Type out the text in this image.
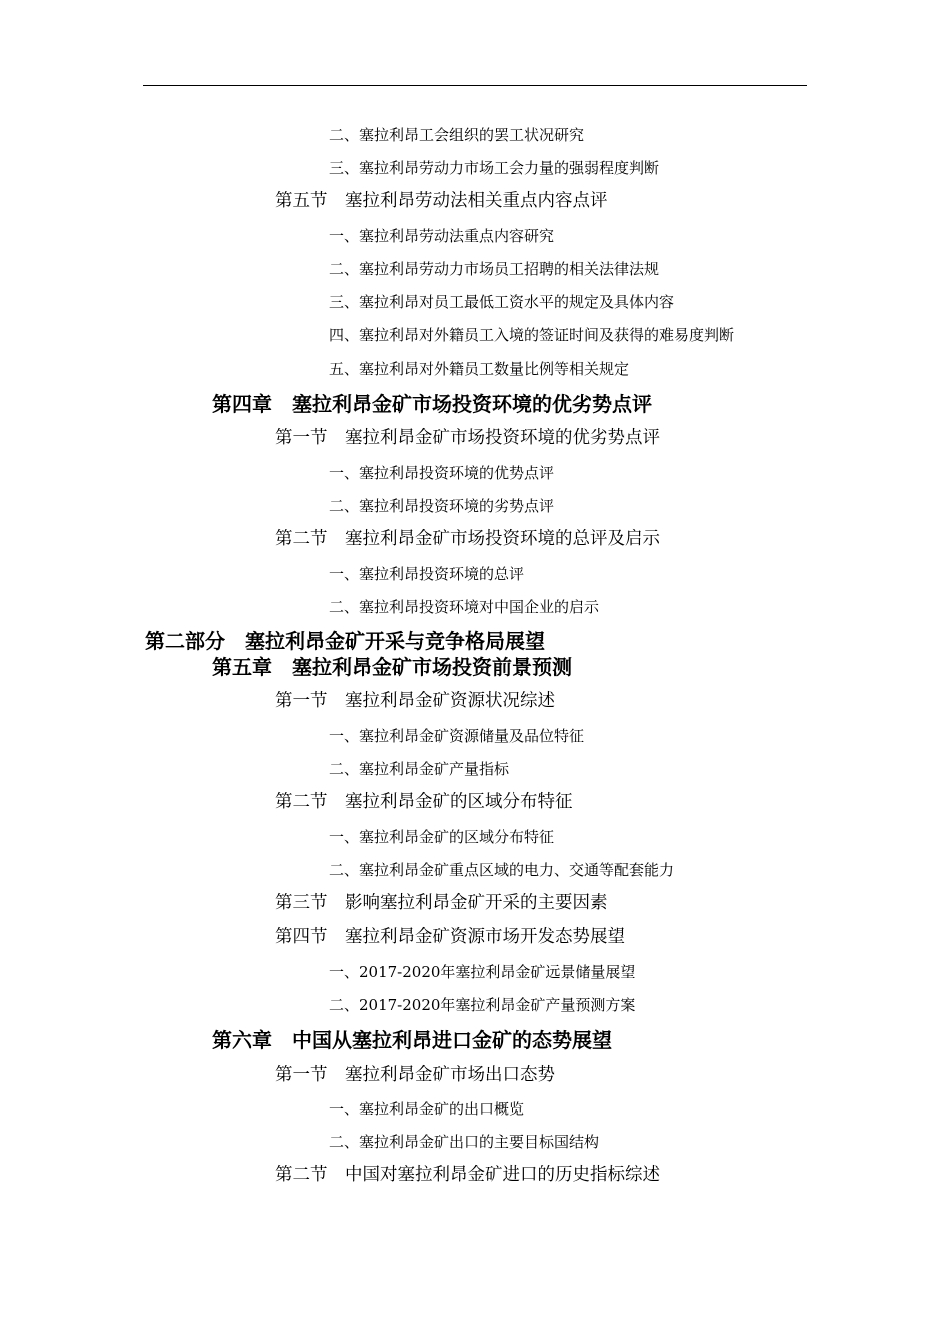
二、塞拉利昂工会组织的罢工状况研究
三、塞拉利昂劳动力市场工会力量的强弱程度判断
第五节　塞拉利昂劳动法相关重点内容点评
一、塞拉利昂劳动法重点内容研究
二、塞拉利昂劳动力市场员工招聘的相关法律法规
三、塞拉利昂对员工最低工资水平的规定及具体内容
四、塞拉利昂对外籍员工入境的签证时间及获得的难易度判断
五、塞拉利昂对外籍员工数量比例等相关规定
第四章　塞拉利昂金矿市场投资环境的优劣势点评
第一节　塞拉利昂金矿市场投资环境的优劣势点评
一、塞拉利昂投资环境的优势点评
二、塞拉利昂投资环境的劣势点评
第二节　塞拉利昂金矿市场投资环境的总评及启示
一、塞拉利昂投资环境的总评
二、塞拉利昂投资环境对中国企业的启示
第二部分　塞拉利昂金矿开采与竞争格局展望
第五章　塞拉利昂金矿市场投资前景预测
第一节　塞拉利昂金矿资源状况综述
一、塞拉利昂金矿资源储量及品位特征
二、塞拉利昂金矿产量指标
第二节　塞拉利昂金矿的区域分布特征
一、塞拉利昂金矿的区域分布特征
二、塞拉利昂金矿重点区域的电力、交通等配套能力
第三节　影响塞拉利昂金矿开采的主要因素
第四节　塞拉利昂金矿资源市场开发态势展望
一、2017-2020年塞拉利昂金矿远景储量展望
二、2017-2020年塞拉利昂金矿产量预测方案
第六章　中国从塞拉利昂进口金矿的态势展望
第一节　塞拉利昂金矿市场出口态势
一、塞拉利昂金矿的出口概览
二、塞拉利昂金矿出口的主要目标国结构
第二节　中国对塞拉利昂金矿进口的历史指标综述
